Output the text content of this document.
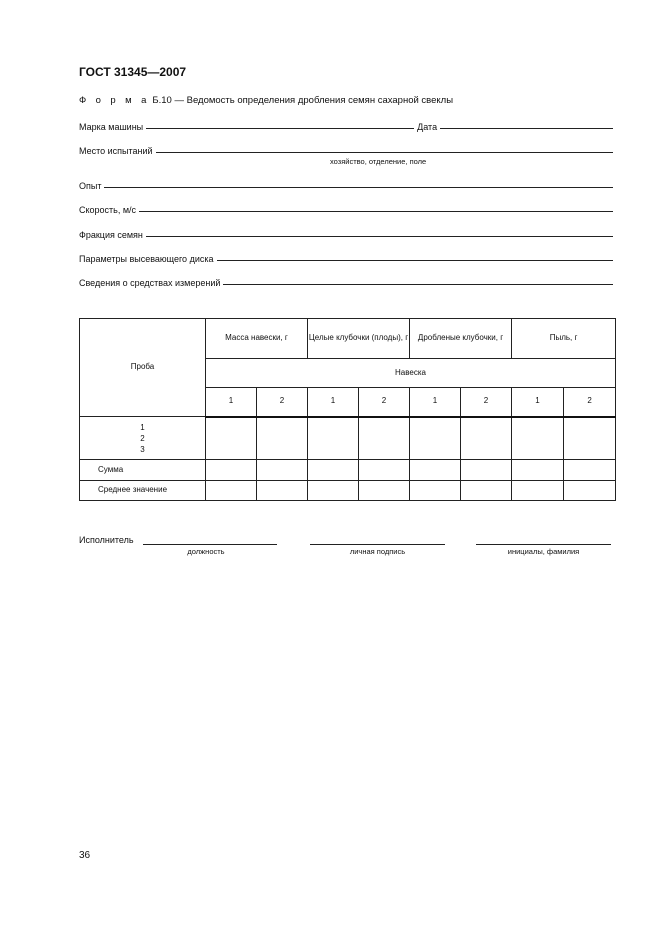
ГОСТ 31345—2007
Ф о р м а Б.10 — Ведомость определения дробления семян сахарной свеклы
Марка машины	Дата
Место испытаний
хозяйство, отделение, поле
Опыт
Скорость, м/с
Фракция семян
Параметры высевающего диска
Сведения о средствах измерений
Проба	Масса навески, г		Целые клубочки (плоды), г		Дробленые клубочки, г		Пыль, г	
	Навеска							
	1	2	1	2	1	2	1	2

1
2
3								

Сумма								
Среднее значение								
Исполнитель
должность	личная подпись	инициалы, фамилия
36
